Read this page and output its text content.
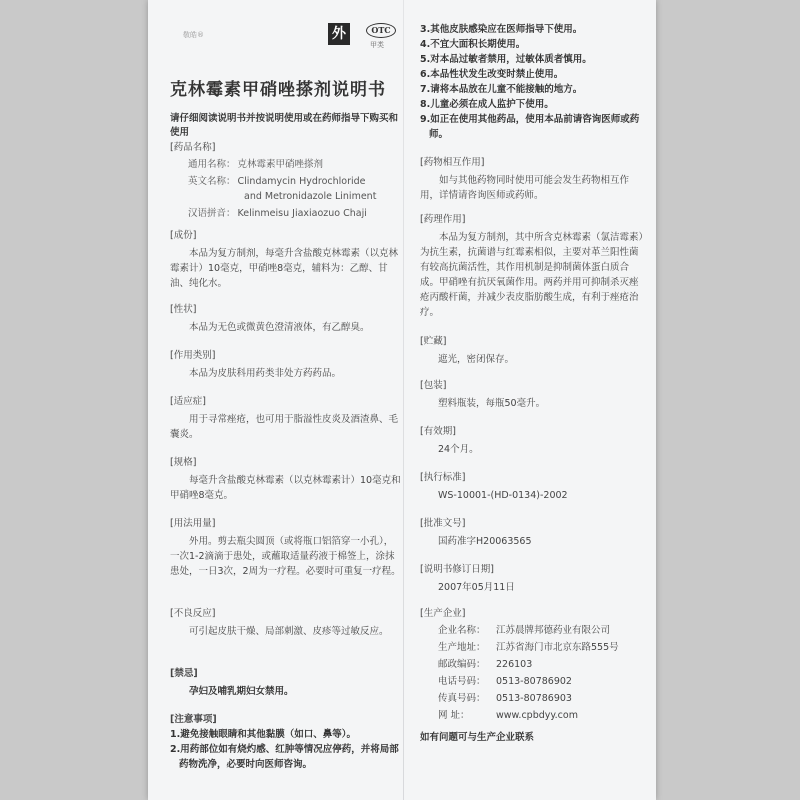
敬皓®	外	OTC
甲类
克林霉素甲硝唑搽剂说明书
请仔细阅读说明书并按说明使用或在药师指导下购买和使用
[药品名称]
通用名称： 克林霉素甲硝唑搽剂
英文名称： Clindamycin Hydrochloride
and Metronidazole Liniment
汉语拼音： Kelinmeisu Jiaxiaozuo Chaji
[成份]
本品为复方制剂，每毫升含盐酸克林霉素（以克林霉素计）10毫克，甲硝唑8毫克，辅料为：乙醇、甘油、纯化水。
[性状]
本品为无色或微黄色澄清液体，有乙醇臭。
[作用类别]
本品为皮肤科用药类非处方药药品。
[适应症]
用于寻常痤疮，也可用于脂溢性皮炎及酒渣鼻、毛囊炎。
[规格]
每毫升含盐酸克林霉素（以克林霉素计）10毫克和甲硝唑8毫克。
[用法用量]
外用。剪去瓶尖圆顶（或将瓶口铝箔穿一小孔），一次1-2滴滴于患处，或蘸取适量药液于棉签上，涂抹患处，一日3次，2周为一疗程。必要时可重复一疗程。
[不良反应]
可引起皮肤干燥、局部刺激、皮疹等过敏反应。
[禁忌]
孕妇及哺乳期妇女禁用。
[注意事项]
1.避免接触眼睛和其他黏膜（如口、鼻等）。
2.用药部位如有烧灼感、红肿等情况应停药，并将局部药物洗净，必要时向医师咨询。
3.其他皮肤感染应在医师指导下使用。
4.不宜大面积长期使用。
5.对本品过敏者禁用，过敏体质者慎用。
6.本品性状发生改变时禁止使用。
7.请将本品放在儿童不能接触的地方。
8.儿童必须在成人监护下使用。
9.如正在使用其他药品，使用本品前请咨询医师或药师。
[药物相互作用]
如与其他药物同时使用可能会发生药物相互作用，详情请咨询医师或药师。
[药理作用]
本品为复方制剂，其中所含克林霉素（氯洁霉素）为抗生素，抗菌谱与红霉素相似，主要对革兰阳性菌有较高抗菌活性，其作用机制是抑制菌体蛋白质合成。甲硝唑有抗厌氧菌作用。两药并用可抑制杀灭痤疮丙酸杆菌，并减少表皮脂肪酸生成，有利于痤疮治疗。
[贮藏]
遮光，密闭保存。
[包装]
塑料瓶装，每瓶50毫升。
[有效期]
24个月。
[执行标准]
WS-10001-(HD-0134)-2002
[批准文号]
国药准字H20063565
[说明书修订日期]
2007年05月11日
[生产企业]
企业名称：	江苏晨牌邦德药业有限公司
生产地址：	江苏省海门市北京东路555号
邮政编码：	226103
电话号码：	0513-80786902
传真号码：	0513-80786903
网 址：	www.cpbdyy.com
如有问题可与生产企业联系
